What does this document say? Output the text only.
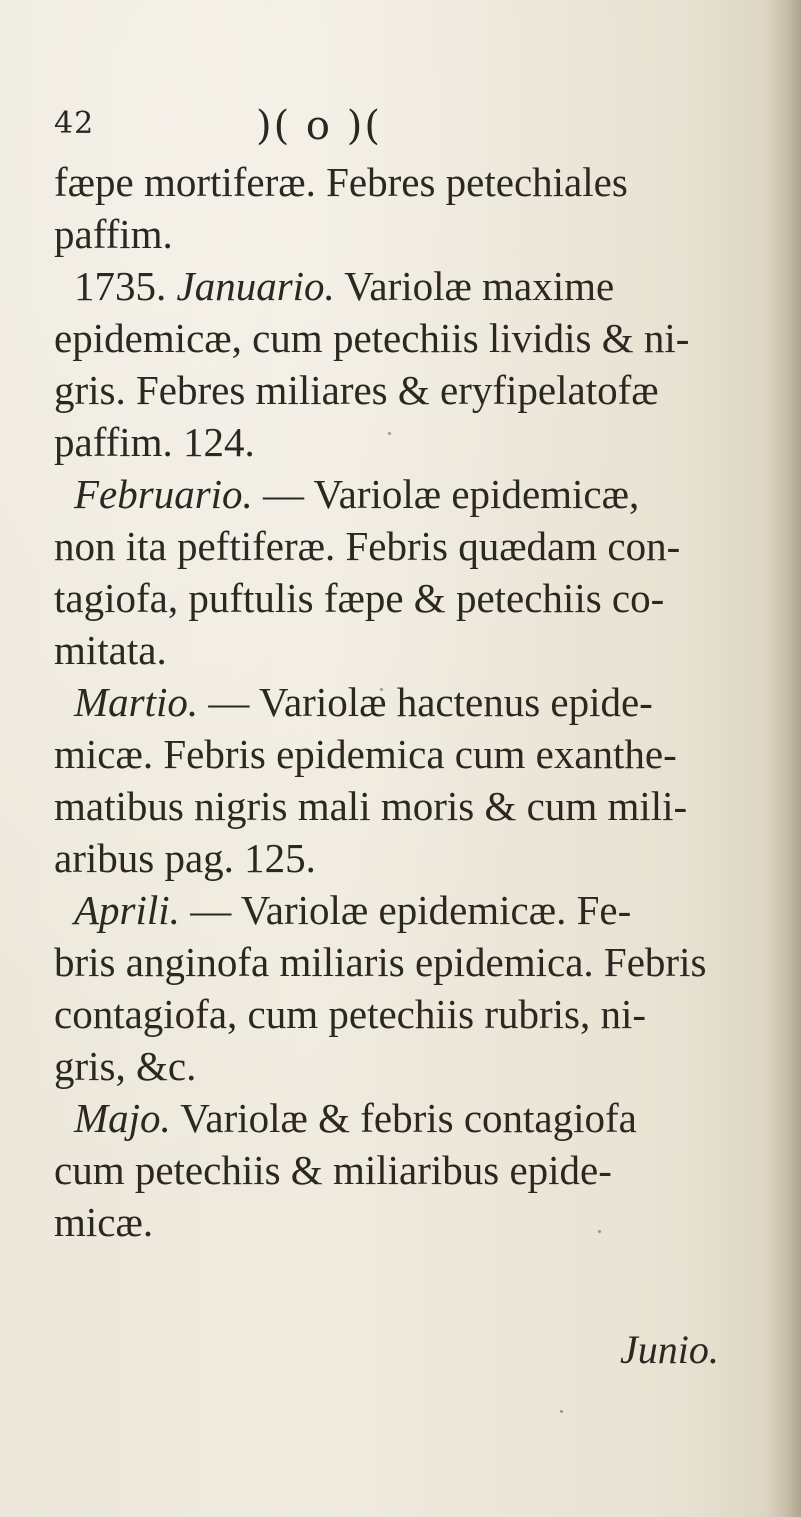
42	)( o )(
fæpe mortiferæ. Febres petechiales
paffim.
1735. Januario. Variolæ maxime
epidemicæ, cum petechiis lividis & ni-
gris. Febres miliares & eryfipelatofæ
paffim. 124.
Februario. — Variolæ epidemicæ,
non ita peftiferæ. Febris quædam con-
tagiofa, puftulis fæpe & petechiis co-
mitata.
Martio. — Variolæ hactenus epide-
micæ. Febris epidemica cum exanthe-
matibus nigris mali moris & cum mili-
aribus pag. 125.
Aprili. — Variolæ epidemicæ. Fe-
bris anginofa miliaris epidemica. Febris
contagiofa, cum petechiis rubris, ni-
gris, &c.
Majo. Variolæ & febris contagiofa
cum petechiis & miliaribus epide-
micæ.
Junio.
